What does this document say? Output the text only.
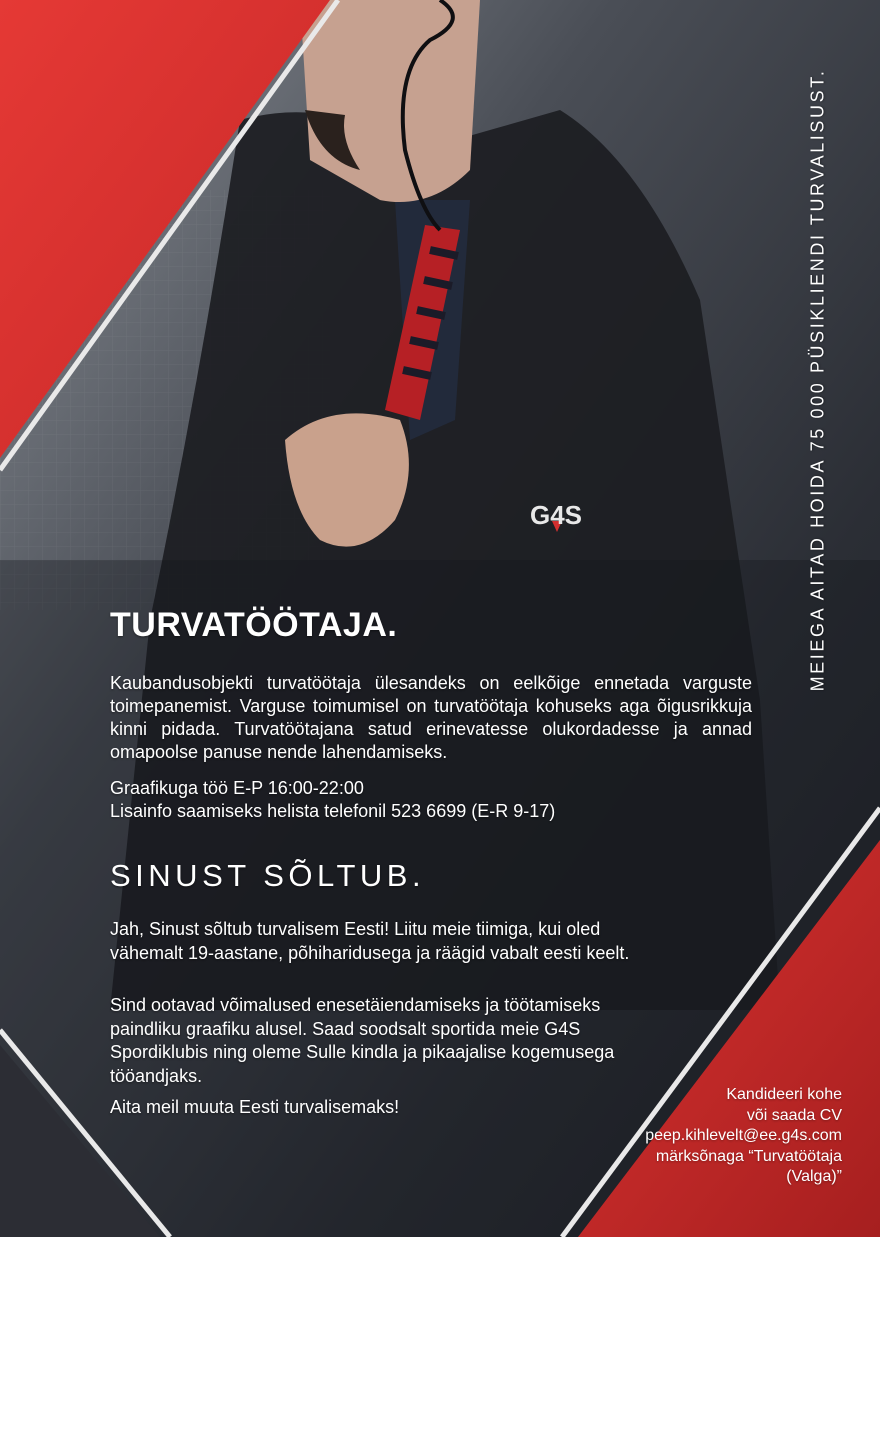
G4S	MEIEGA AITAD HOIDA 75 000 PÜSIKLIENDI TURVALISUST.
TURVATÖÖTAJA.

Kaubandusobjekti turvatöötaja ülesandeks on eelkõige ennetada varguste toimepanemist. Varguse toimumisel on turvatöötaja kohuseks aga õigusrikkuja kinni pidada. Turvatöötajana satud erinevatesse olukordadesse ja annad omapoolse panuse nende lahendamiseks.

Graafikuga töö E-P 16:00-22:00
Lisainfo saamiseks helista telefonil 523 6699 (E-R 9-17)
SINUST SÕLTUB.

Jah, Sinust sõltub turvalisem Eesti! Liitu meie tiimiga, kui oled vähemalt 19-aastane, põhiharidusega ja räägid vabalt eesti keelt.

Sind ootavad võimalused enesetäiendamiseks ja töötamiseks paindliku graafiku alusel. Saad soodsalt sportida meie G4S Spordiklubis ning oleme Sulle kindla ja pikaajalise kogemusega tööandjaks.

Aita meil muuta Eesti turvalisemaks!

Kandideeri kohe
või saada CV
peep.kihlevelt@ee.g4s.com
märksõnaga “Turvatöötaja
(Valga)”
